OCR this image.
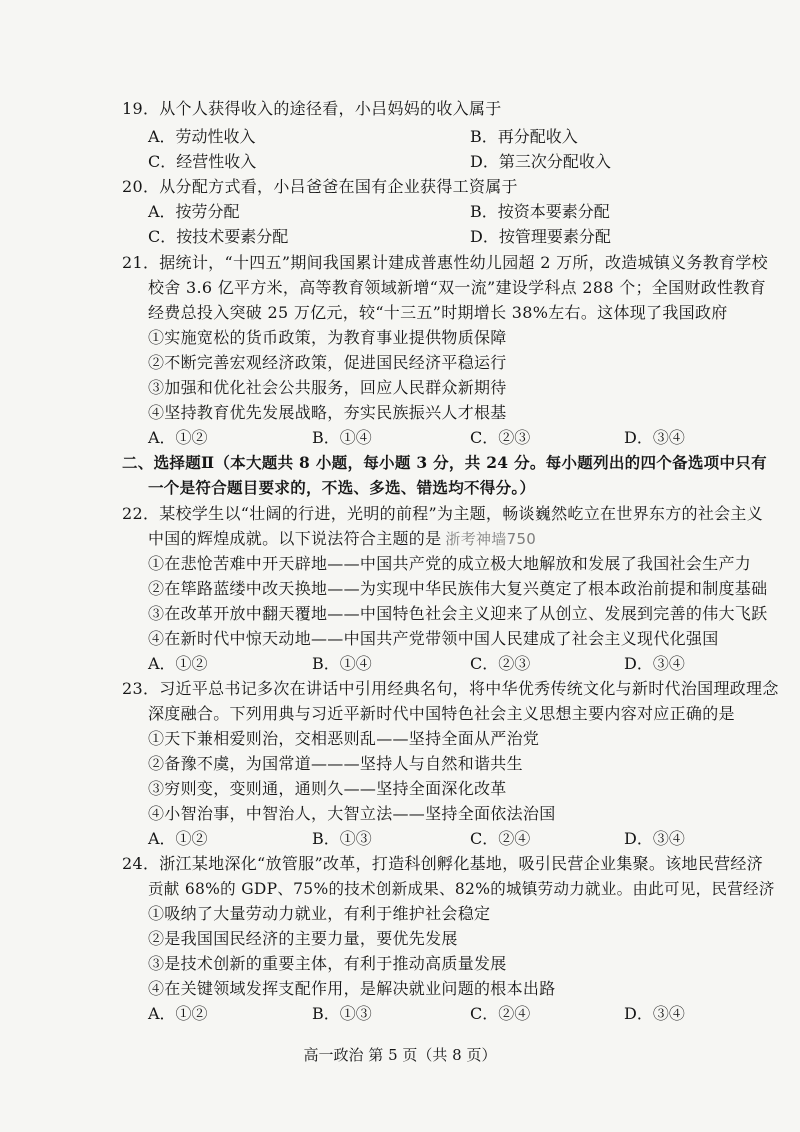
19．从个人获得收入的途径看，小吕妈妈的收入属于
A．劳动性收入	B．再分配收入
C．经营性收入	D．第三次分配收入
20．从分配方式看，小吕爸爸在国有企业获得工资属于
A．按劳分配	B．按资本要素分配
C．按技术要素分配	D．按管理要素分配
21．据统计，“十四五”期间我国累计建成普惠性幼儿园超 2 万所，改造城镇义务教育学校
校舍 3.6 亿平方米，高等教育领域新增“双一流”建设学科点 288 个；全国财政性教育
经费总投入突破 25 万亿元，较“十三五”时期增长 38%左右。这体现了我国政府
①实施宽松的货币政策，为教育事业提供物质保障
②不断完善宏观经济政策，促进国民经济平稳运行
③加强和优化社会公共服务，回应人民群众新期待
④坚持教育优先发展战略，夯实民族振兴人才根基
A．①②	B．①④	C．②③	D．③④
二、选择题Ⅱ（本大题共 8 小题，每小题 3 分，共 24 分。每小题列出的四个备选项中只有
一个是符合题目要求的，不选、多选、错选均不得分。）
22．某校学生以“壮阔的行进，光明的前程”为主题，畅谈巍然屹立在世界东方的社会主义
中国的辉煌成就。以下说法符合主题的是 浙考神墙750
①在悲怆苦难中开天辟地——中国共产党的成立极大地解放和发展了我国社会生产力
②在筚路蓝缕中改天换地——为实现中华民族伟大复兴奠定了根本政治前提和制度基础
③在改革开放中翻天覆地——中国特色社会主义迎来了从创立、发展到完善的伟大飞跃
④在新时代中惊天动地——中国共产党带领中国人民建成了社会主义现代化强国
A．①②	B．①④	C．②③	D．③④
23．习近平总书记多次在讲话中引用经典名句，将中华优秀传统文化与新时代治国理政理念
深度融合。下列用典与习近平新时代中国特色社会主义思想主要内容对应正确的是
①天下兼相爱则治，交相恶则乱——坚持全面从严治党
②备豫不虞，为国常道———坚持人与自然和谐共生
③穷则变，变则通，通则久——坚持全面深化改革
④小智治事，中智治人，大智立法——坚持全面依法治国
A．①②	B．①③	C．②④	D．③④
24．浙江某地深化“放管服”改革，打造科创孵化基地，吸引民营企业集聚。该地民营经济
贡献 68%的 GDP、75%的技术创新成果、82%的城镇劳动力就业。由此可见，民营经济
①吸纳了大量劳动力就业，有利于维护社会稳定
②是我国国民经济的主要力量，要优先发展
③是技术创新的重要主体，有利于推动高质量发展
④在关键领域发挥支配作用，是解决就业问题的根本出路
A．①②	B．①③	C．②④	D．③④
高一政治 第 5 页（共 8 页）
